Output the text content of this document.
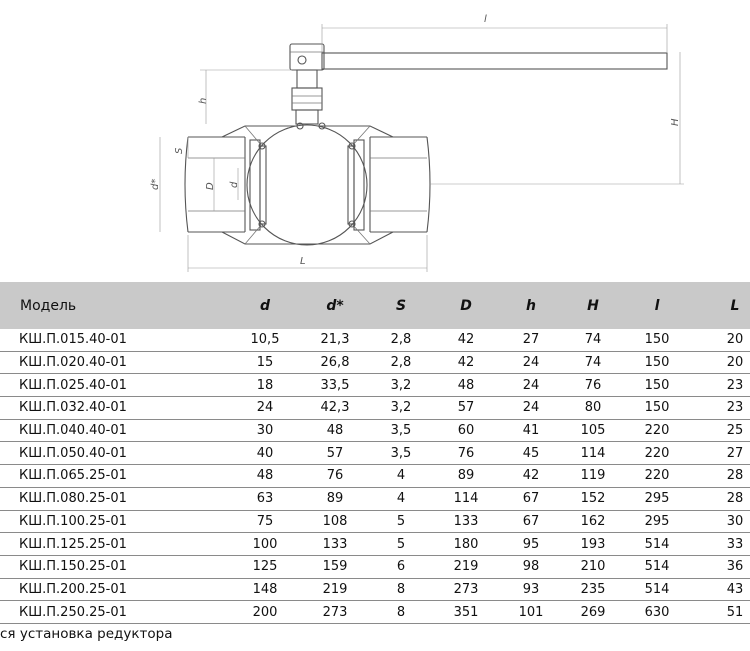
l
H
h
S
d*	D d
L
Модель	d	d*	S	D	h	H	l	L
КШ.П.015.40-01	10,5	21,3	2,8	42	27	74	150	20
КШ.П.020.40-01	15	26,8	2,8	42	24	74	150	20
КШ.П.025.40-01	18	33,5	3,2	48	24	76	150	23
КШ.П.032.40-01	24	42,3	3,2	57	24	80	150	23
КШ.П.040.40-01	30	48	3,5	60	41	105	220	25
КШ.П.050.40-01	40	57	3,5	76	45	114	220	27
КШ.П.065.25-01	48	76	4	89	42	119	220	28
КШ.П.080.25-01	63	89	4	114	67	152	295	28
КШ.П.100.25-01	75	108	5	133	67	162	295	30
КШ.П.125.25-01	100	133	5	180	95	193	514	33
КШ.П.150.25-01	125	159	6	219	98	210	514	36
КШ.П.200.25-01	148	219	8	273	93	235	514	43
КШ.П.250.25-01	200	273	8	351	101	269	630	51
ся установка редуктора
